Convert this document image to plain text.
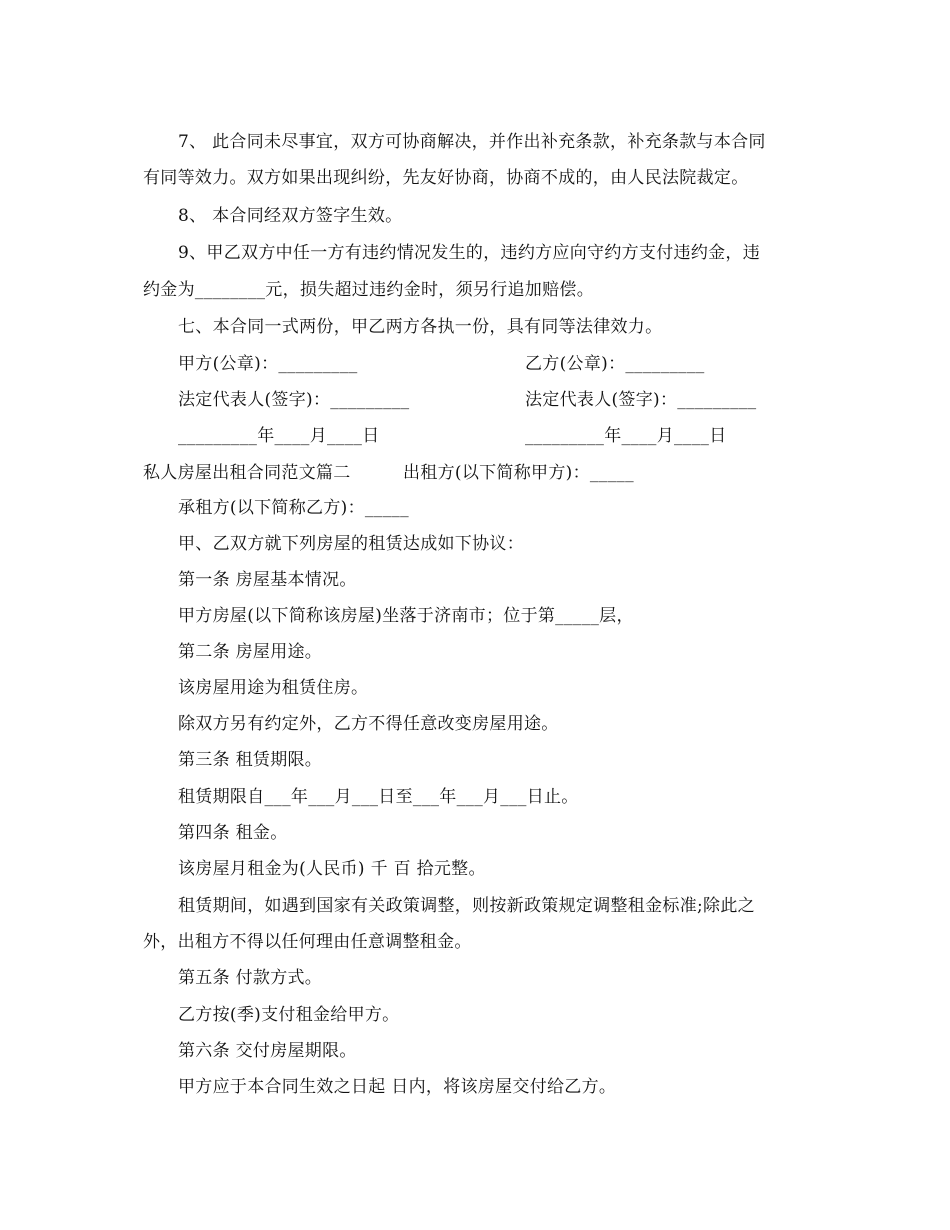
7、 此合同未尽事宜，双方可协商解决，并作出补充条款，补充条款与本合同
有同等效力。双方如果出现纠纷，先友好协商，协商不成的，由人民法院裁定。
8、 本合同经双方签字生效。
9、甲乙双方中任一方有违约情况发生的，违约方应向守约方支付违约金，违
约金为________元，损失超过违约金时，须另行追加赔偿。
七、本合同一式两份，甲乙两方各执一份，具有同等法律效力。
甲方(公章)：_________	乙方(公章)：_________
法定代表人(签字)：_________	法定代表人(签字)：_________
_________年____月____日	_________年____月____日
私人房屋出租合同范文篇二	出租方(以下简称甲方)：_____
承租方(以下简称乙方)：_____
甲、乙双方就下列房屋的租赁达成如下协议：
第一条 房屋基本情况。
甲方房屋(以下简称该房屋)坐落于济南市；位于第_____层，
第二条 房屋用途。
该房屋用途为租赁住房。
除双方另有约定外，乙方不得任意改变房屋用途。
第三条 租赁期限。
租赁期限自___年___月___日至___年___月___日止。
第四条 租金。
该房屋月租金为(人民币) 千 百 拾元整。
租赁期间，如遇到国家有关政策调整，则按新政策规定调整租金标准;除此之
外，出租方不得以任何理由任意调整租金。
第五条 付款方式。
乙方按(季)支付租金给甲方。
第六条 交付房屋期限。
甲方应于本合同生效之日起 日内，将该房屋交付给乙方。
